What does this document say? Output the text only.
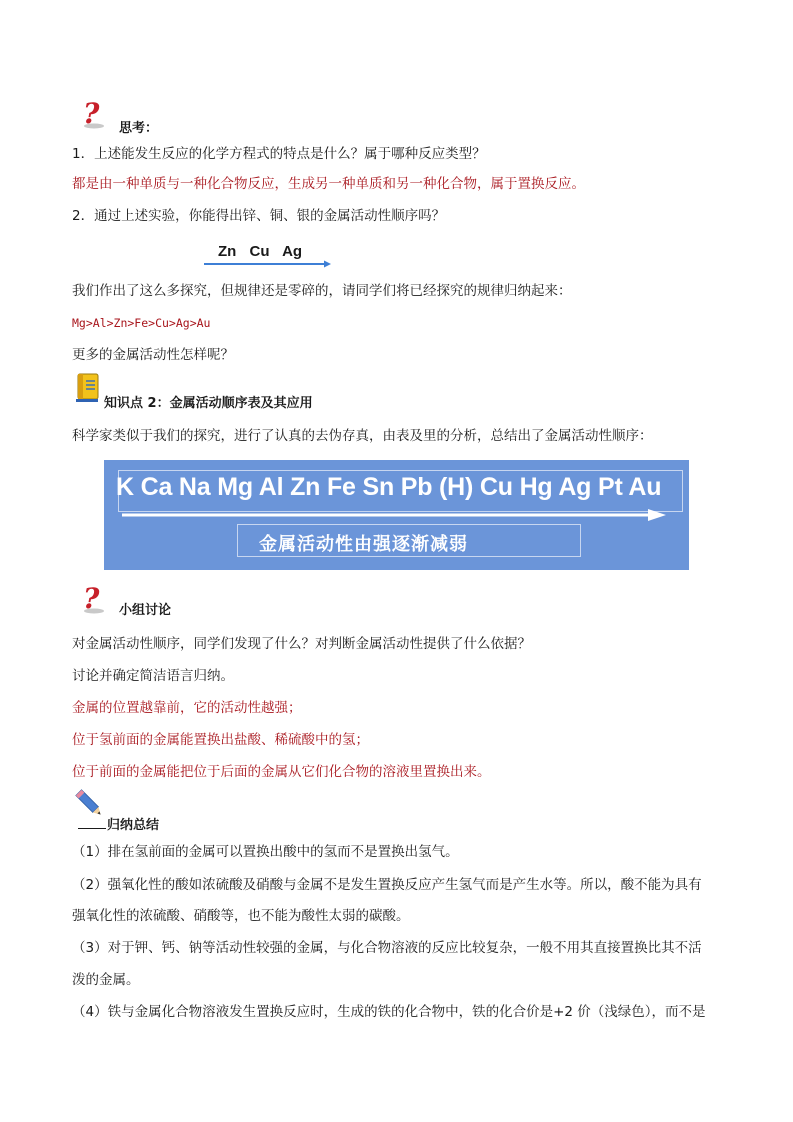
? 思考：
1．上述能发生反应的化学方程式的特点是什么？属于哪种反应类型？
都是由一种单质与一种化合物反应，生成另一种单质和另一种化合物，属于置换反应。
2．通过上述实验，你能得出锌、铜、银的金属活动性顺序吗？
Zn Cu Ag
我们作出了这么多探究，但规律还是零碎的，请同学们将已经探究的规律归纳起来：
Mg>Al>Zn>Fe>Cu>Ag>Au
更多的金属活动性怎样呢？
知识点 2：金属活动顺序表及其应用
科学家类似于我们的探究，进行了认真的去伪存真，由表及里的分析，总结出了金属活动性顺序：
K Ca Na Mg Al Zn Fe Sn Pb (H) Cu Hg Ag Pt Au
金属活动性由强逐渐减弱
? 小组讨论
对金属活动性顺序，同学们发现了什么？对判断金属活动性提供了什么依据？
讨论并确定简洁语言归纳。
金属的位置越靠前，它的活动性越强；
位于氢前面的金属能置换出盐酸、稀硫酸中的氢；
位于前面的金属能把位于后面的金属从它们化合物的溶液里置换出来。
归纳总结
（1）排在氢前面的金属可以置换出酸中的氢而不是置换出氢气。
（2）强氧化性的酸如浓硫酸及硝酸与金属不是发生置换反应产生氢气而是产生水等。所以，酸不能为具有
强氧化性的浓硫酸、硝酸等，也不能为酸性太弱的碳酸。
（3）对于钾、钙、钠等活动性较强的金属，与化合物溶液的反应比较复杂，一般不用其直接置换比其不活
泼的金属。
（4）铁与金属化合物溶液发生置换反应时，生成的铁的化合物中，铁的化合价是+2 价（浅绿色），而不是
